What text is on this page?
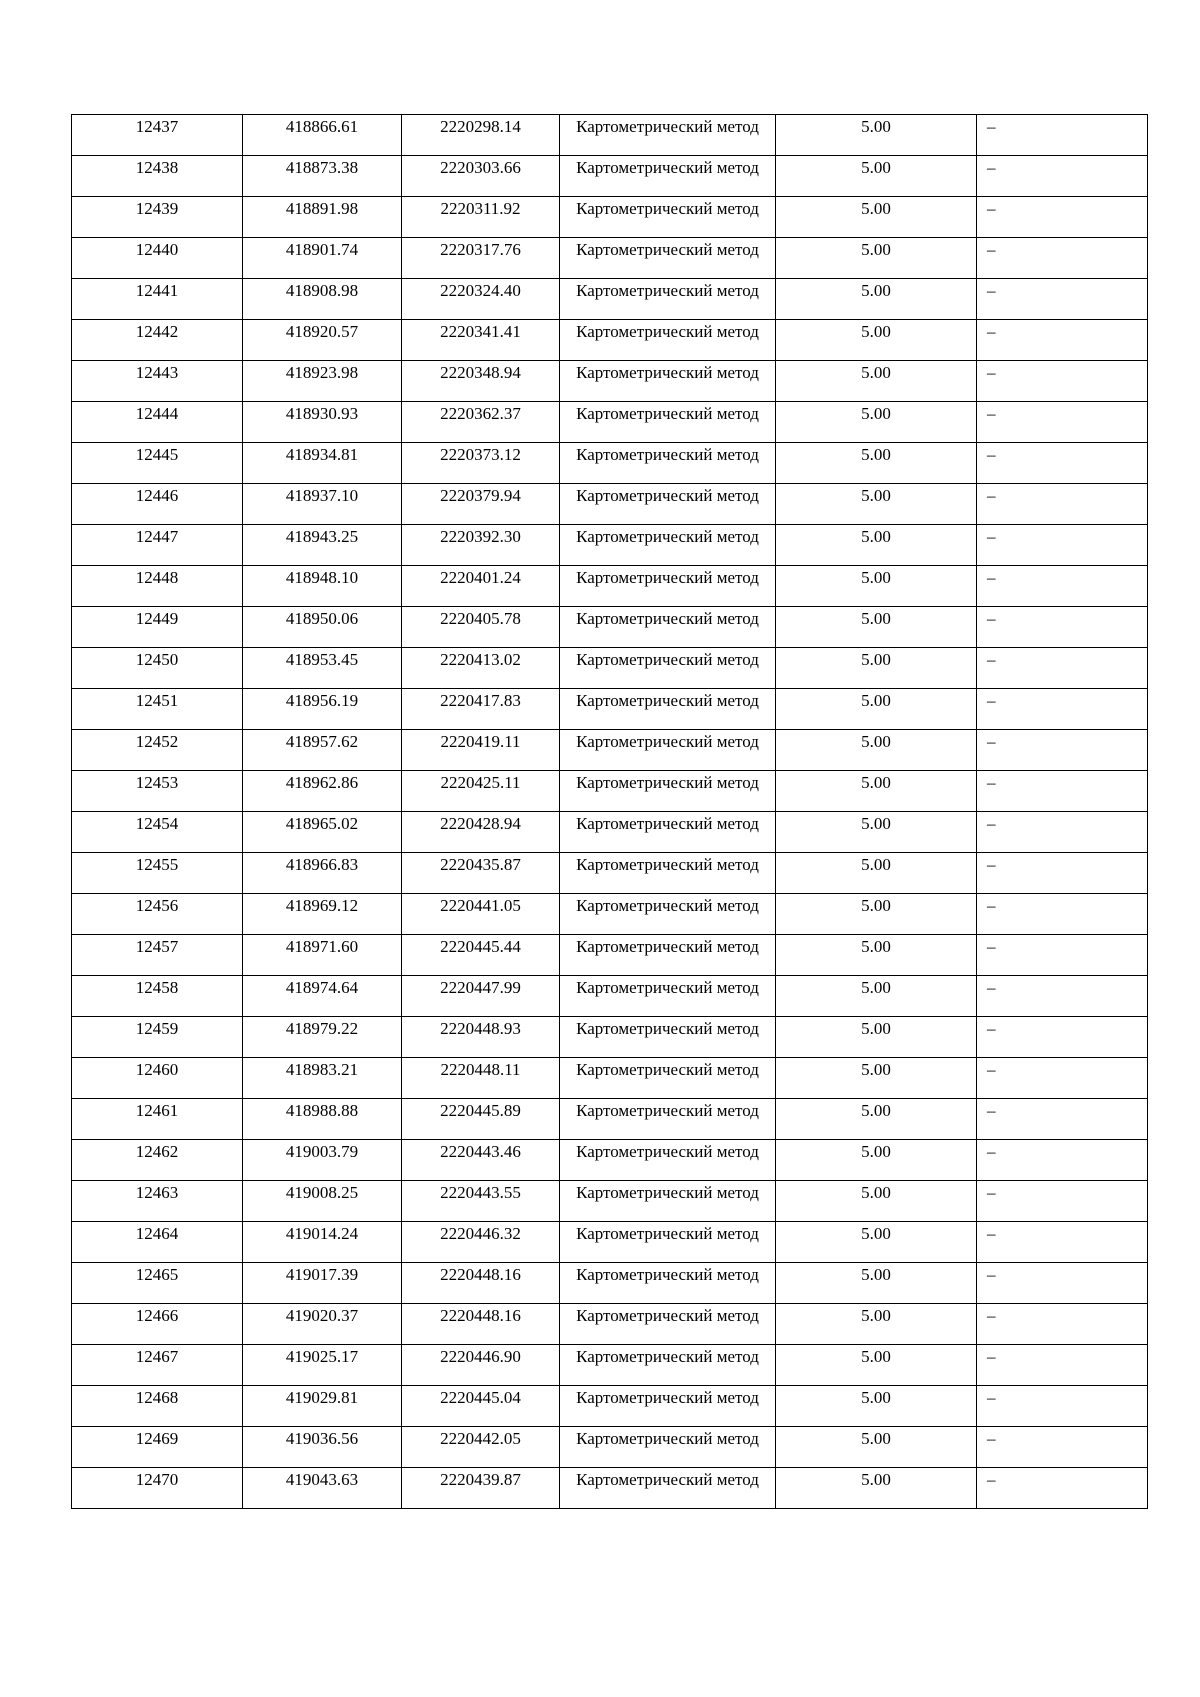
12437	418866.61	2220298.14	Картометрический метод	5.00	–

12438	418873.38	2220303.66	Картометрический метод	5.00	–

12439	418891.98	2220311.92	Картометрический метод	5.00	–

12440	418901.74	2220317.76	Картометрический метод	5.00	–

12441	418908.98	2220324.40	Картометрический метод	5.00	–

12442	418920.57	2220341.41	Картометрический метод	5.00	–

12443	418923.98	2220348.94	Картометрический метод	5.00	–

12444	418930.93	2220362.37	Картометрический метод	5.00	–

12445	418934.81	2220373.12	Картометрический метод	5.00	–

12446	418937.10	2220379.94	Картометрический метод	5.00	–

12447	418943.25	2220392.30	Картометрический метод	5.00	–

12448	418948.10	2220401.24	Картометрический метод	5.00	–

12449	418950.06	2220405.78	Картометрический метод	5.00	–

12450	418953.45	2220413.02	Картометрический метод	5.00	–

12451	418956.19	2220417.83	Картометрический метод	5.00	–

12452	418957.62	2220419.11	Картометрический метод	5.00	–

12453	418962.86	2220425.11	Картометрический метод	5.00	–

12454	418965.02	2220428.94	Картометрический метод	5.00	–

12455	418966.83	2220435.87	Картометрический метод	5.00	–

12456	418969.12	2220441.05	Картометрический метод	5.00	–

12457	418971.60	2220445.44	Картометрический метод	5.00	–

12458	418974.64	2220447.99	Картометрический метод	5.00	–

12459	418979.22	2220448.93	Картометрический метод	5.00	–

12460	418983.21	2220448.11	Картометрический метод	5.00	–

12461	418988.88	2220445.89	Картометрический метод	5.00	–

12462	419003.79	2220443.46	Картометрический метод	5.00	–

12463	419008.25	2220443.55	Картометрический метод	5.00	–

12464	419014.24	2220446.32	Картометрический метод	5.00	–

12465	419017.39	2220448.16	Картометрический метод	5.00	–

12466	419020.37	2220448.16	Картометрический метод	5.00	–

12467	419025.17	2220446.90	Картометрический метод	5.00	–

12468	419029.81	2220445.04	Картометрический метод	5.00	–

12469	419036.56	2220442.05	Картометрический метод	5.00	–

12470	419043.63	2220439.87	Картометрический метод	5.00	–
